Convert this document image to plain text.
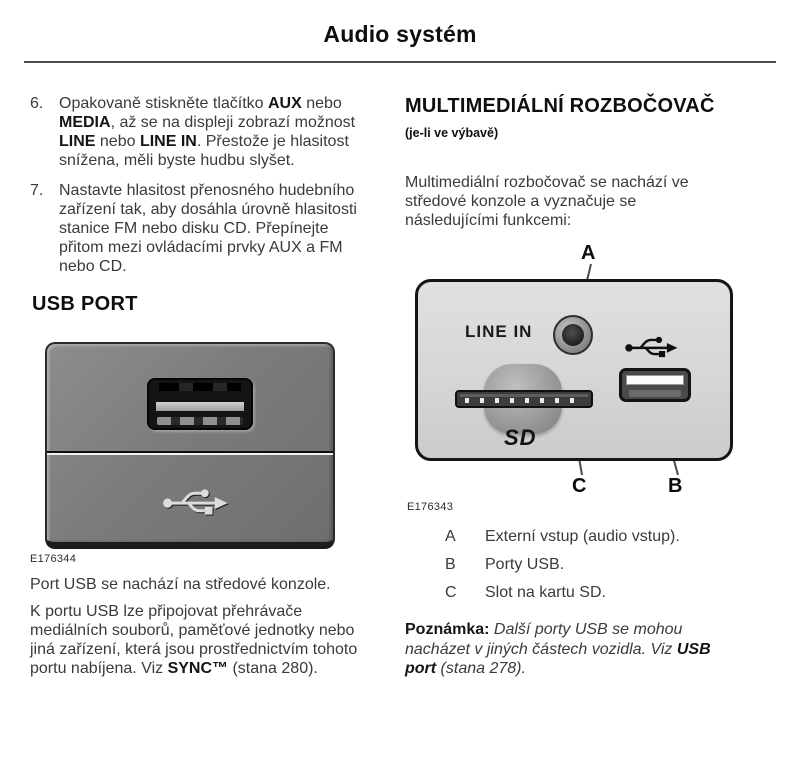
Audio systém
6. Opakovaně stiskněte tlačítko AUX nebo MEDIA, až se na displeji zobrazí možnost LINE nebo LINE IN. Přestože je hlasitost snížena, měli byste hudbu slyšet.
7. Nastavte hlasitost přenosného hudebního zařízení tak, aby dosáhla úrovně hlasitosti stanice FM nebo disku CD. Přepínejte přitom mezi ovládacími prvky AUX a FM nebo CD.
USB PORT
E176344

Port USB se nachází na středové konzole.

K portu USB lze připojovat přehrávače mediálních souborů, paměťové jednotky nebo jiná zařízení, která jsou prostřednictvím tohoto portu nabíjena. Viz SYNC™ (stana 280).

MULTIMEDIÁLNÍ ROZBOČOVAČ (je-li ve výbavě)

Multimediální rozbočovač se nachází ve středové konzole a vyznačuje se následujícími funkcemi:

A
LINE IN
SD
C	B
E176343
A	Externí vstup (audio vstup).
B	Porty USB.
C	Slot na kartu SD.

Poznámka: Další porty USB se mohou nacházet v jiných částech vozidla. Viz USB port (stana 278).
